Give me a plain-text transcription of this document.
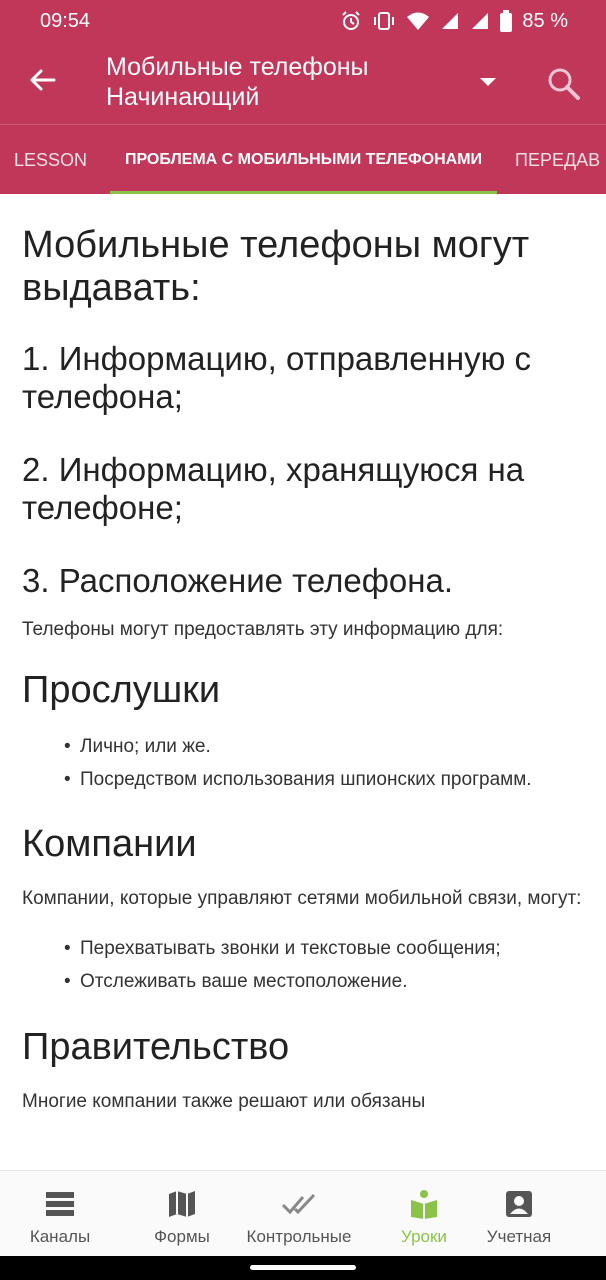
09:54	85 %
Мобильные телефоны
Начинающий
LESSON	ПРОБЛЕМА С МОБИЛЬНЫМИ ТЕЛЕФОНАМИ	ПЕРЕДАВ
Мобильные телефоны могут выдавать:
1. Информацию, отправленную с телефона;
2. Информацию, хранящуюся на телефоне;
3. Расположение телефона.
Телефоны могут предоставлять эту информацию для:
Прослушки
• Лично; или же.
• Посредством использования шпионских программ.
Компании
Компании, которые управляют сетями мобильной связи, могут:
• Перехватывать звонки и текстовые сообщения;
• Отслеживать ваше местоположение.
Правительство
Многие компании также решают или обязаны
Каналы	Формы Контрольные	Уроки Учетная
